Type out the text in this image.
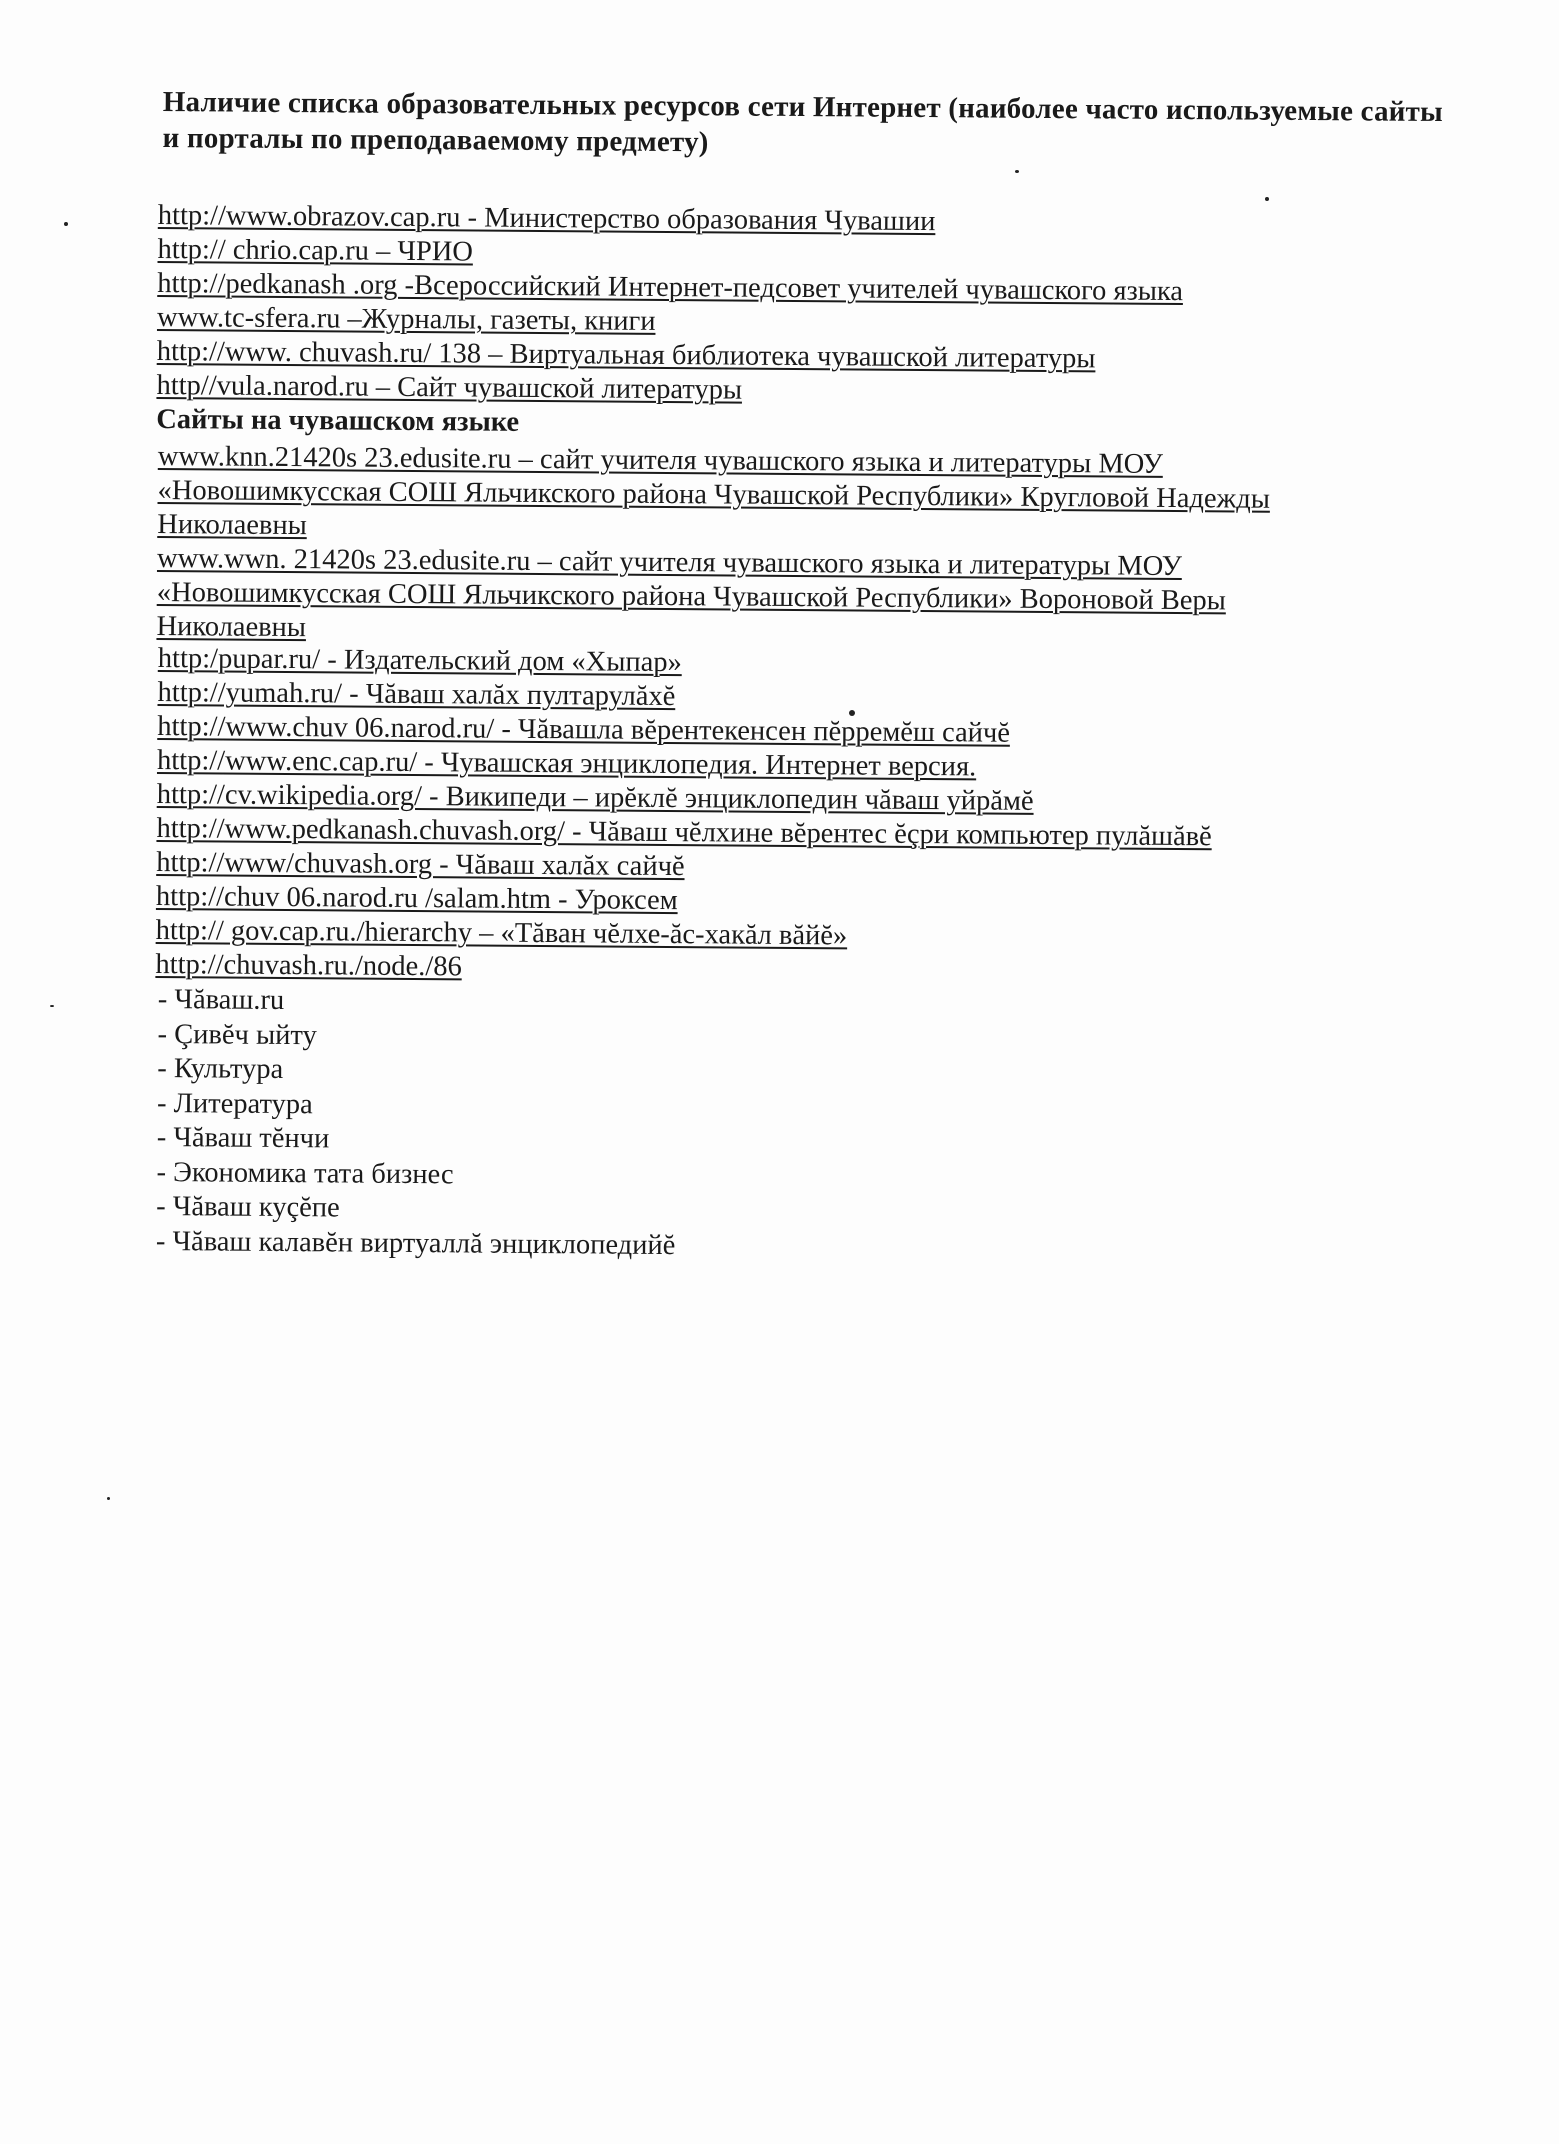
Наличие списка образовательных ресурсов сети Интернет (наиболее часто используемые сайты и порталы по преподаваемому предмету)
http://www.obrazov.cap.ru - Министерство образования Чувашии
http:// chrio.cap.ru – ЧРИО
http://pedkanash .org -Всероссийский Интернет-педсовет учителей чувашского языка
www.tc-sfera.ru –Журналы, газеты, книги
http://www. chuvash.ru/ 138 – Виртуальная библиотека чувашской литературы
http//vula.narod.ru – Сайт чувашской литературы
Сайты на чувашском языке
www.knn.21420s 23.edusite.ru – сайт учителя чувашского языка и литературы МОУ «Новошимкусская СОШ Яльчикского района Чувашской Республики» Кругловой Надежды Николаевны
www.wwn. 21420s 23.edusite.ru – сайт учителя чувашского языка и литературы МОУ «Новошимкусская СОШ Яльчикского района Чувашской Республики» Вороновой Веры Николаевны
http:/pupar.ru/ - Издательский дом «Хыпар»
http://yumah.ru/ - Чăваш халăх пултарулăхĕ
http://www.chuv 06.narod.ru/ - Чăвашла вĕрентекенсен пĕрремĕш сайчĕ
http://www.enc.cap.ru/ - Чувашская энциклопедия. Интернет версия.
http://cv.wikipedia.org/ - Википеди – ирĕклĕ энциклопедин чăваш уйрăмĕ
http://www.pedkanash.chuvash.org/ - Чăваш чĕлхине вĕрентес ĕçри компьютер пулăшăвĕ
http://www/chuvash.org - Чăваш халăх сайчĕ
http://chuv 06.narod.ru /salam.htm - Уроксем
http:// gov.cap.ru./hierarchy – «Тăван чĕлхе-ăс-хакăл вăйĕ»
http://chuvash.ru./node./86
- Чăваш.ru
- Çивĕч ыйту
- Культура
- Литература
- Чăваш тĕнчи
- Экономика тата бизнес
- Чăваш куçĕпе
- Чăваш калавĕн виртуаллă энциклопедийĕ
